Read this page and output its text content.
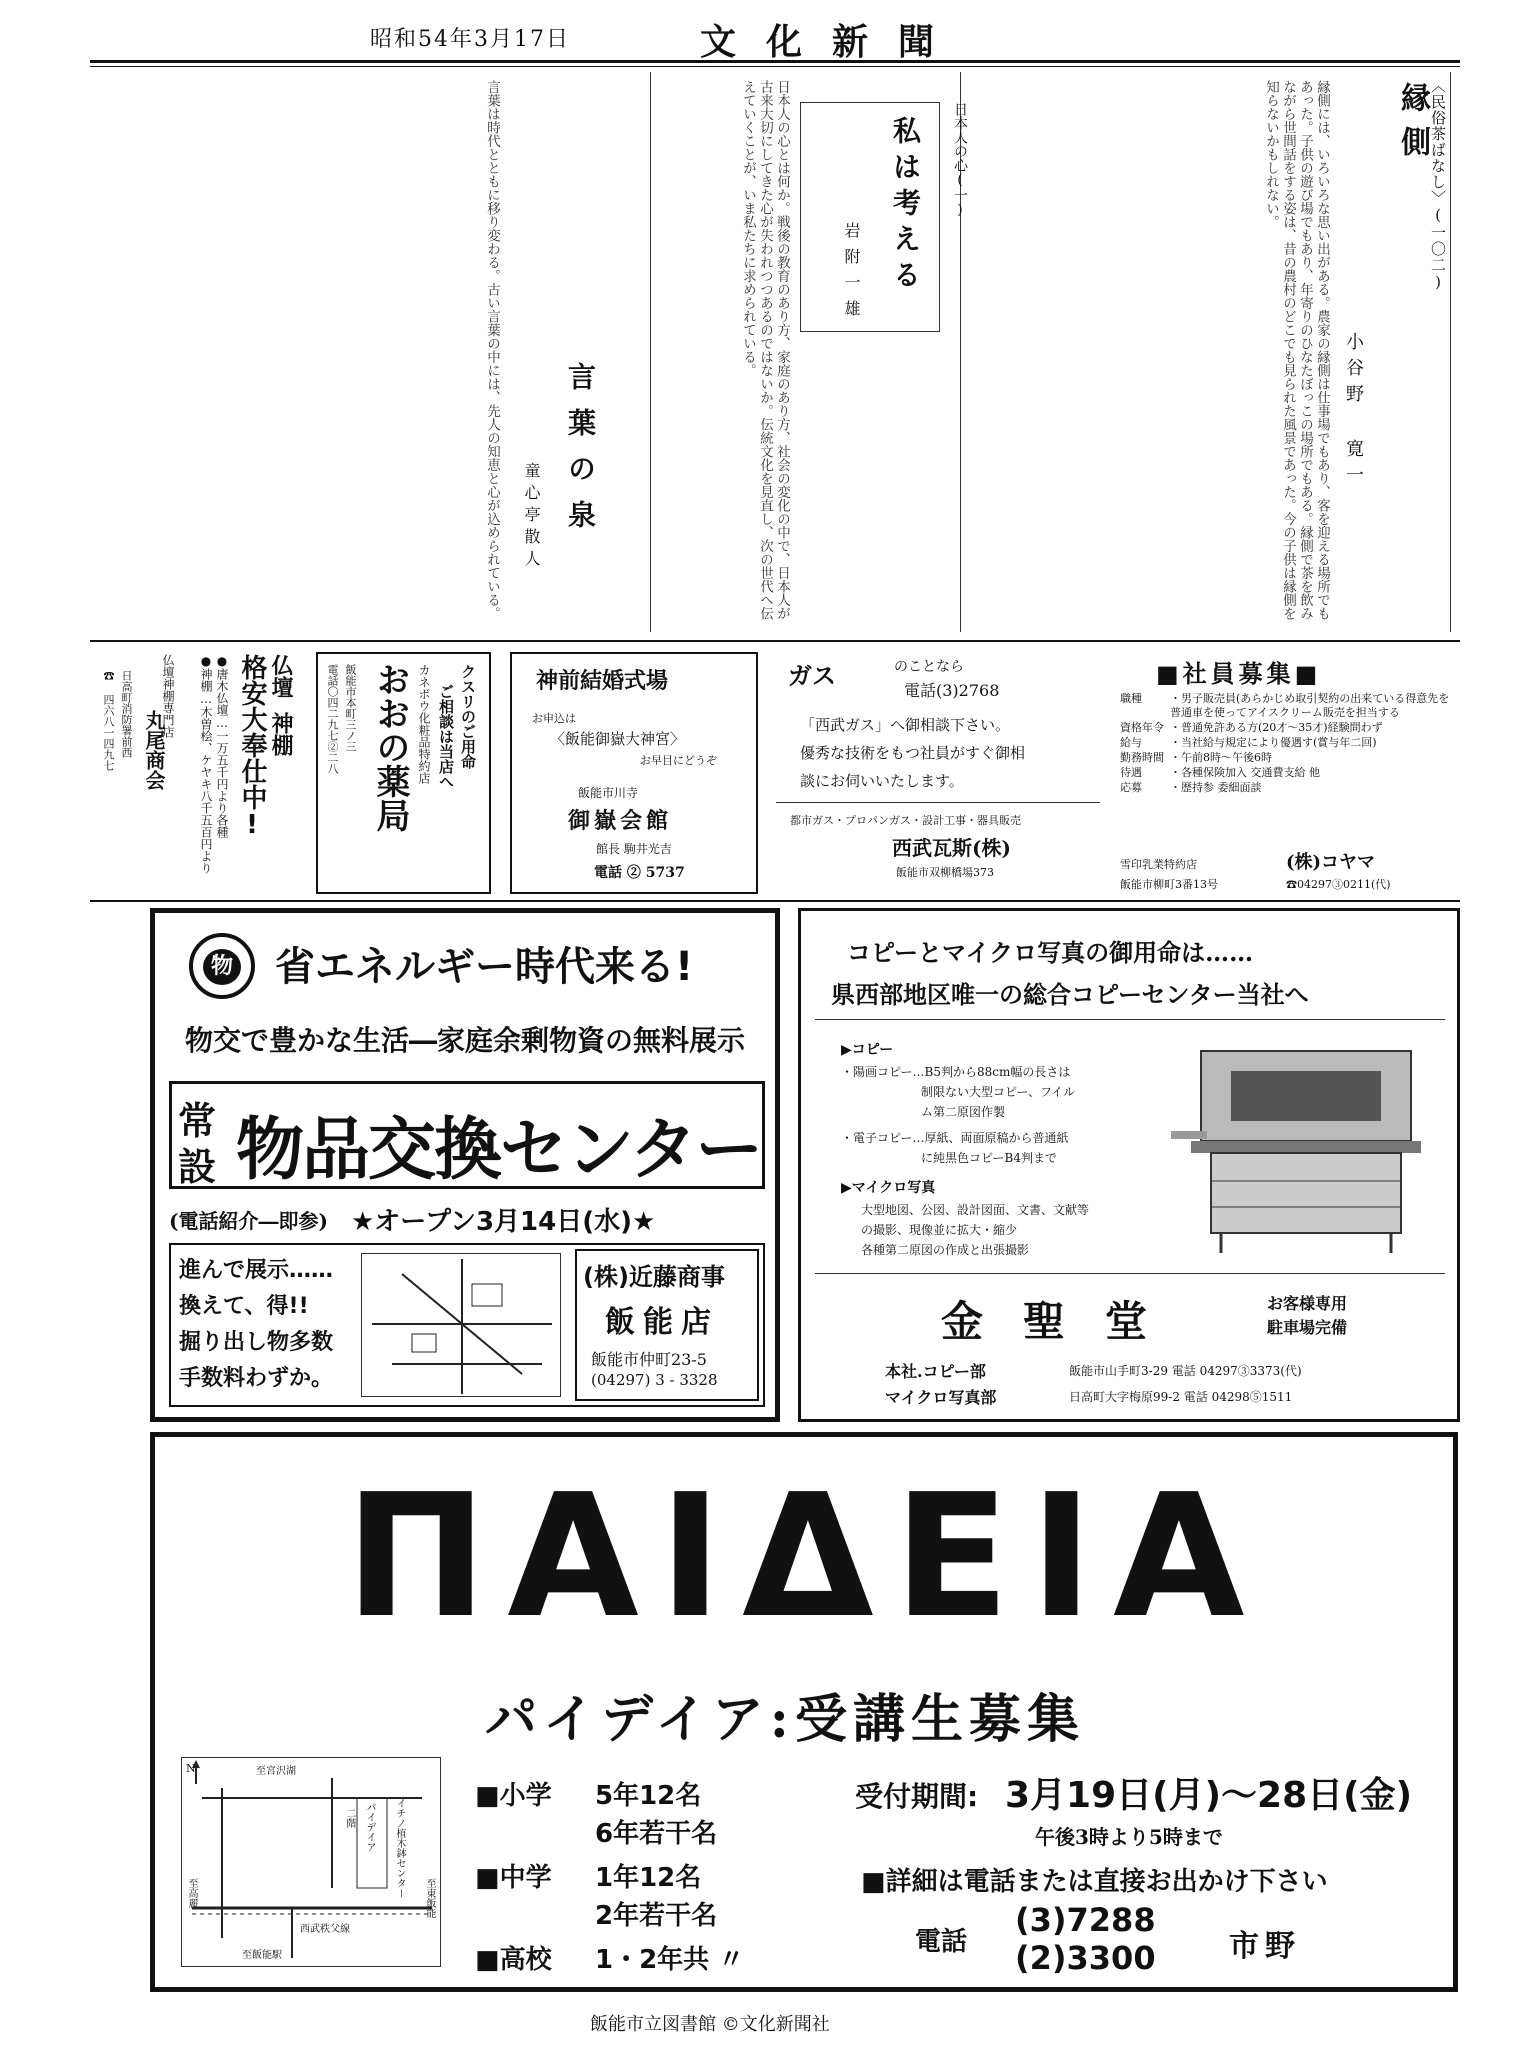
昭和54年3月17日	文化新聞
縁側 〈民俗茶ばなし〉(一〇二)
小谷野 寛一
縁側には、いろいろな思い出がある。農家の縁側は仕事場でもあり、客を迎える場所でもあった。子供の遊び場でもあり、年寄りのひなたぼっこの場所でもある。縁側で茶を飲みながら世間話をする姿は、昔の農村のどこでも見られた風景であった。今の子供は縁側を知らないかもしれない。
私は考える
岩附一雄
日本人の心(一)
日本人の心とは何か。戦後の教育のあり方、家庭のあり方、社会の変化の中で、日本人が古来大切にしてきた心が失われつつあるのではないか。伝統文化を見直し、次の世代へ伝えていくことが、いま私たちに求められている。
言葉の泉
童心亭散人
言葉は時代とともに移り変わる。古い言葉の中には、先人の知恵と心が込められている。
仏壇
神棚
格安大奉仕中!
●唐木仏壇…一万五千円より各種
●神棚…木曽桧、ケヤキ八千五百円より
仏壇神棚専門店
丸尾商会
日高町消防署前西
☎ 四六八一四九七	クスリのご用命
ご相談は当店へ
カネボウ化粧品特約店
おおの薬局
飯能市本町三ノ三
電話〇四二九七②二八	神前結婚式場
お申込は
〈飯能御嶽大神宮〉
お早目にどうぞ
飯能市川寺
御嶽会館
館長 駒井光吉
電話 ② 5737
ガス	のことなら
電話(3)2768
「西武ガス」へ御相談下さい。
優秀な技術をもつ社員がすぐ御相
談にお伺いいたします。
都市ガス・プロパンガス・設計工事・器具販売
西武瓦斯(株)
飯能市双柳橋場373
■社員募集■
職種	・男子販売員(あらかじめ取引契約の出来ている得意先を普通車を使ってアイスクリーム販売を担当する
資格年令 ・普通免許ある方(20才〜35才)経験問わず
給与	・当社給与規定により優遇す(賞与年二回)
勤務時間 ・午前8時〜午後6時
待遇	・各種保険加入 交通費支給 他
応募	・歴持参 委細面談
雪印乳業特約店	(株)コヤマ
飯能市柳町3番13号	☎04297③0211(代)
物 省エネルギー時代来る!
物交で豊かな生活―家庭余剰物資の無料展示
常
設 物品交換センター
(電話紹介―即参) ★オープン3月14日(水)★
進んで展示……
換えて、得!!
掘り出し物多数
手数料わずか。
(株)近藤商事
飯能店
飯能市仲町23-5
(04297) 3 - 3328
コピーとマイクロ写真の御用命は……
県西部地区唯一の総合コピーセンター当社へ
▶コピー
・陽画コピー…B5判から88cm幅の長さは
制限ない大型コピー、フイル
ム第二原図作製
・電子コピー…厚紙、両面原稿から普通紙
に純黒色コピーB4判まで
▶マイクロ写真
大型地図、公図、設計図面、文書、文献等
の撮影、現像並に拡大・縮少
各種第二原図の作成と出張撮影
金聖堂	お客様専用
駐車場完備
本社.コピー部	飯能市山手町3-29 電話 04297③3373(代)
マイクロ写真部	日高町大字梅原99-2 電話 04298⑤1511
ΠΑΙΔΕΙΑ
パイデイア:受講生募集
N	至宮沢湖
イチノ植木鉢センター
パイデイア
二階
至高麗
西武秩父線
至東飯能
至飯能駅
■小学	5年12名
6年若干名
■中学	1年12名
2年若干名
■高校	1・2年共 〃
受付期間: 3月19日(月)〜28日(金)
午後3時より5時まで
■詳細は電話または直接お出かけ下さい
電話
(3)7288
(2)3300 市野
飯能市立図書館 ©文化新聞社
